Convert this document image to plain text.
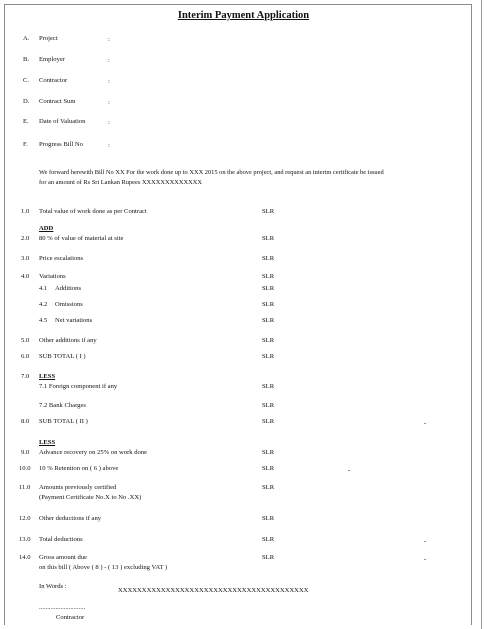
Interim Payment Application
A. Project	:
B. Employer	:
C. Contractor	:
D. Contract Sum	:
E. Date of Valuation	:
F. Progress Bill No	:
We forward herewith Bill No XX For the work done up to XXX 2015 on the above project, and request an interim certificate be issued
for an amount of Rs Sri Lankan Rupees XXXXXXXXXXXXX
1.0 Total value of work done as per Contract	SLR
ADD
2.0 80 % of value of material at site	SLR
3.0 Price escalations	SLR
4.0 Variations	SLR
4.1 Additions	SLR
4.2 Omissions	SLR
4.5 Net variations	SLR
5.0 Other additions if any	SLR
6.0 SUB TOTAL ( I )	SLR
7.0 LESS
7.1 Foreign component if any	SLR
7.2 Bank Charges	SLR
8.0 SUB TOTAL ( II )	SLR	-
LESS
9.0 Advance recovery on 25% on work done	SLR
10.0 10 % Retention on ( 6 ) above	SLR	-
11.0 Amounts previously certified
(Payment Certificate No.X to No .XX)
SLR
12.0 Other deductions if any	SLR
13.0 Total deductions	SLR	-
14.0 Gross amount due
on this bill ( Above ( 8 ) - ( 13 ) excluding VAT )
SLR	-
In Words :
XXXXXXXXXXXXXXXXXXXXXXXXXXXXXXXXXXXXXXXX
............................
Contractor
